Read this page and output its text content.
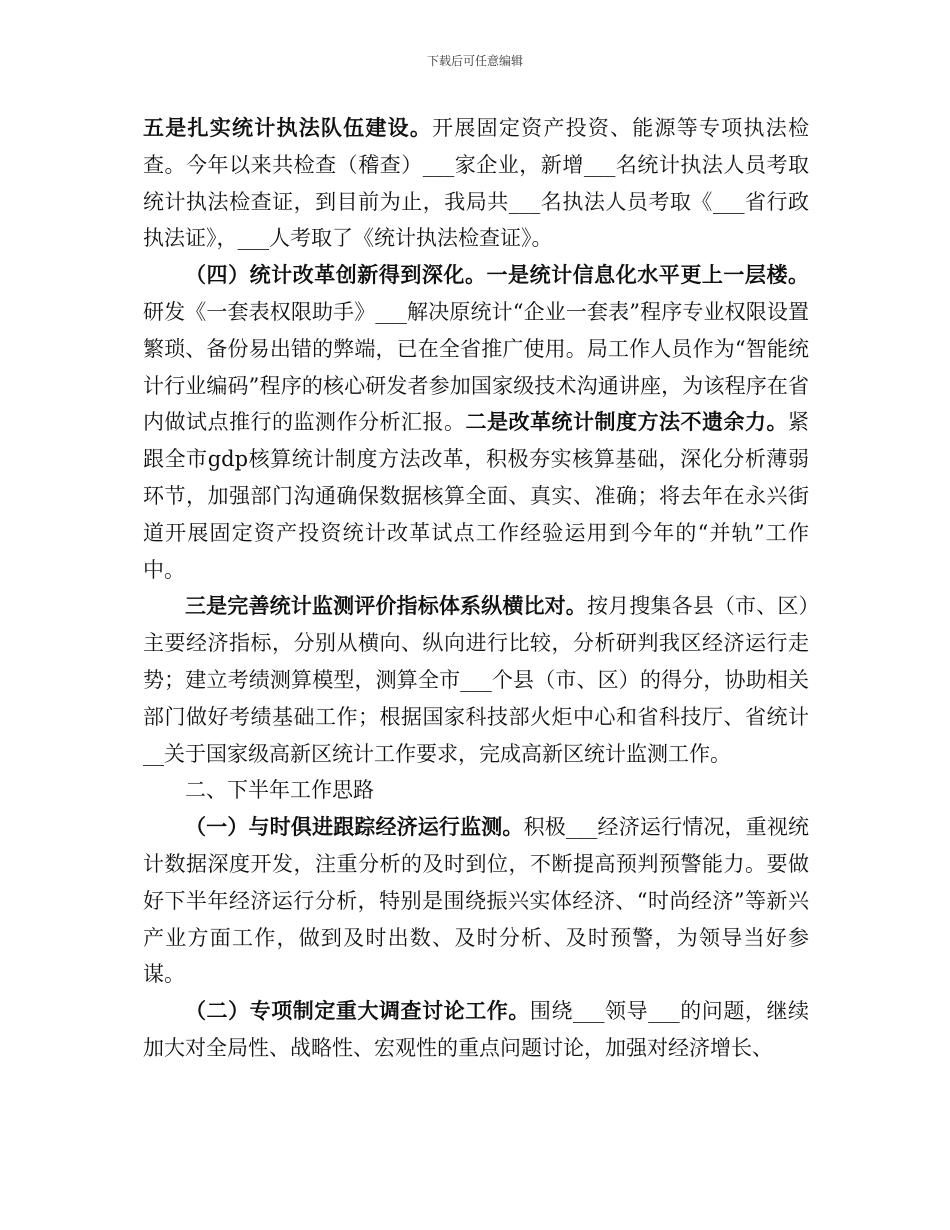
下载后可任意编辑

五是扎实统计执法队伍建设。开展固定资产投资、能源等专项执法检查。今年以来共检查（稽查）___家企业，新增___名统计执法人员考取统计执法检查证，到目前为止，我局共___名执法人员考取《___省行政执法证》，___人考取了《统计执法检查证》。

（四）统计改革创新得到深化。一是统计信息化水平更上一层楼。研发《一套表权限助手》___解决原统计“企业一套表”程序专业权限设置繁琐、备份易出错的弊端，已在全省推广使用。局工作人员作为“智能统计行业编码”程序的核心研发者参加国家级技术沟通讲座，为该程序在省内做试点推行的监测作分析汇报。二是改革统计制度方法不遗余力。紧跟全市gdp核算统计制度方法改革，积极夯实核算基础，深化分析薄弱环节，加强部门沟通确保数据核算全面、真实、准确；将去年在永兴街道开展固定资产投资统计改革试点工作经验运用到今年的“并轨”工作中。

三是完善统计监测评价指标体系纵横比对。按月搜集各县（市、区）主要经济指标，分别从横向、纵向进行比较，分析研判我区经济运行走势；建立考绩测算模型，测算全市___个县（市、区）的得分，协助相关部门做好考绩基础工作；根据国家科技部火炬中心和省科技厅、省统计__关于国家级高新区统计工作要求，完成高新区统计监测工作。

二、下半年工作思路

（一）与时俱进跟踪经济运行监测。积极___经济运行情况，重视统计数据深度开发，注重分析的及时到位，不断提高预判预警能力。要做好下半年经济运行分析，特别是围绕振兴实体经济、“时尚经济”等新兴产业方面工作，做到及时出数、及时分析、及时预警，为领导当好参谋。

（二）专项制定重大调查讨论工作。围绕___领导___的问题，继续加大对全局性、战略性、宏观性的重点问题讨论，加强对经济增长、
